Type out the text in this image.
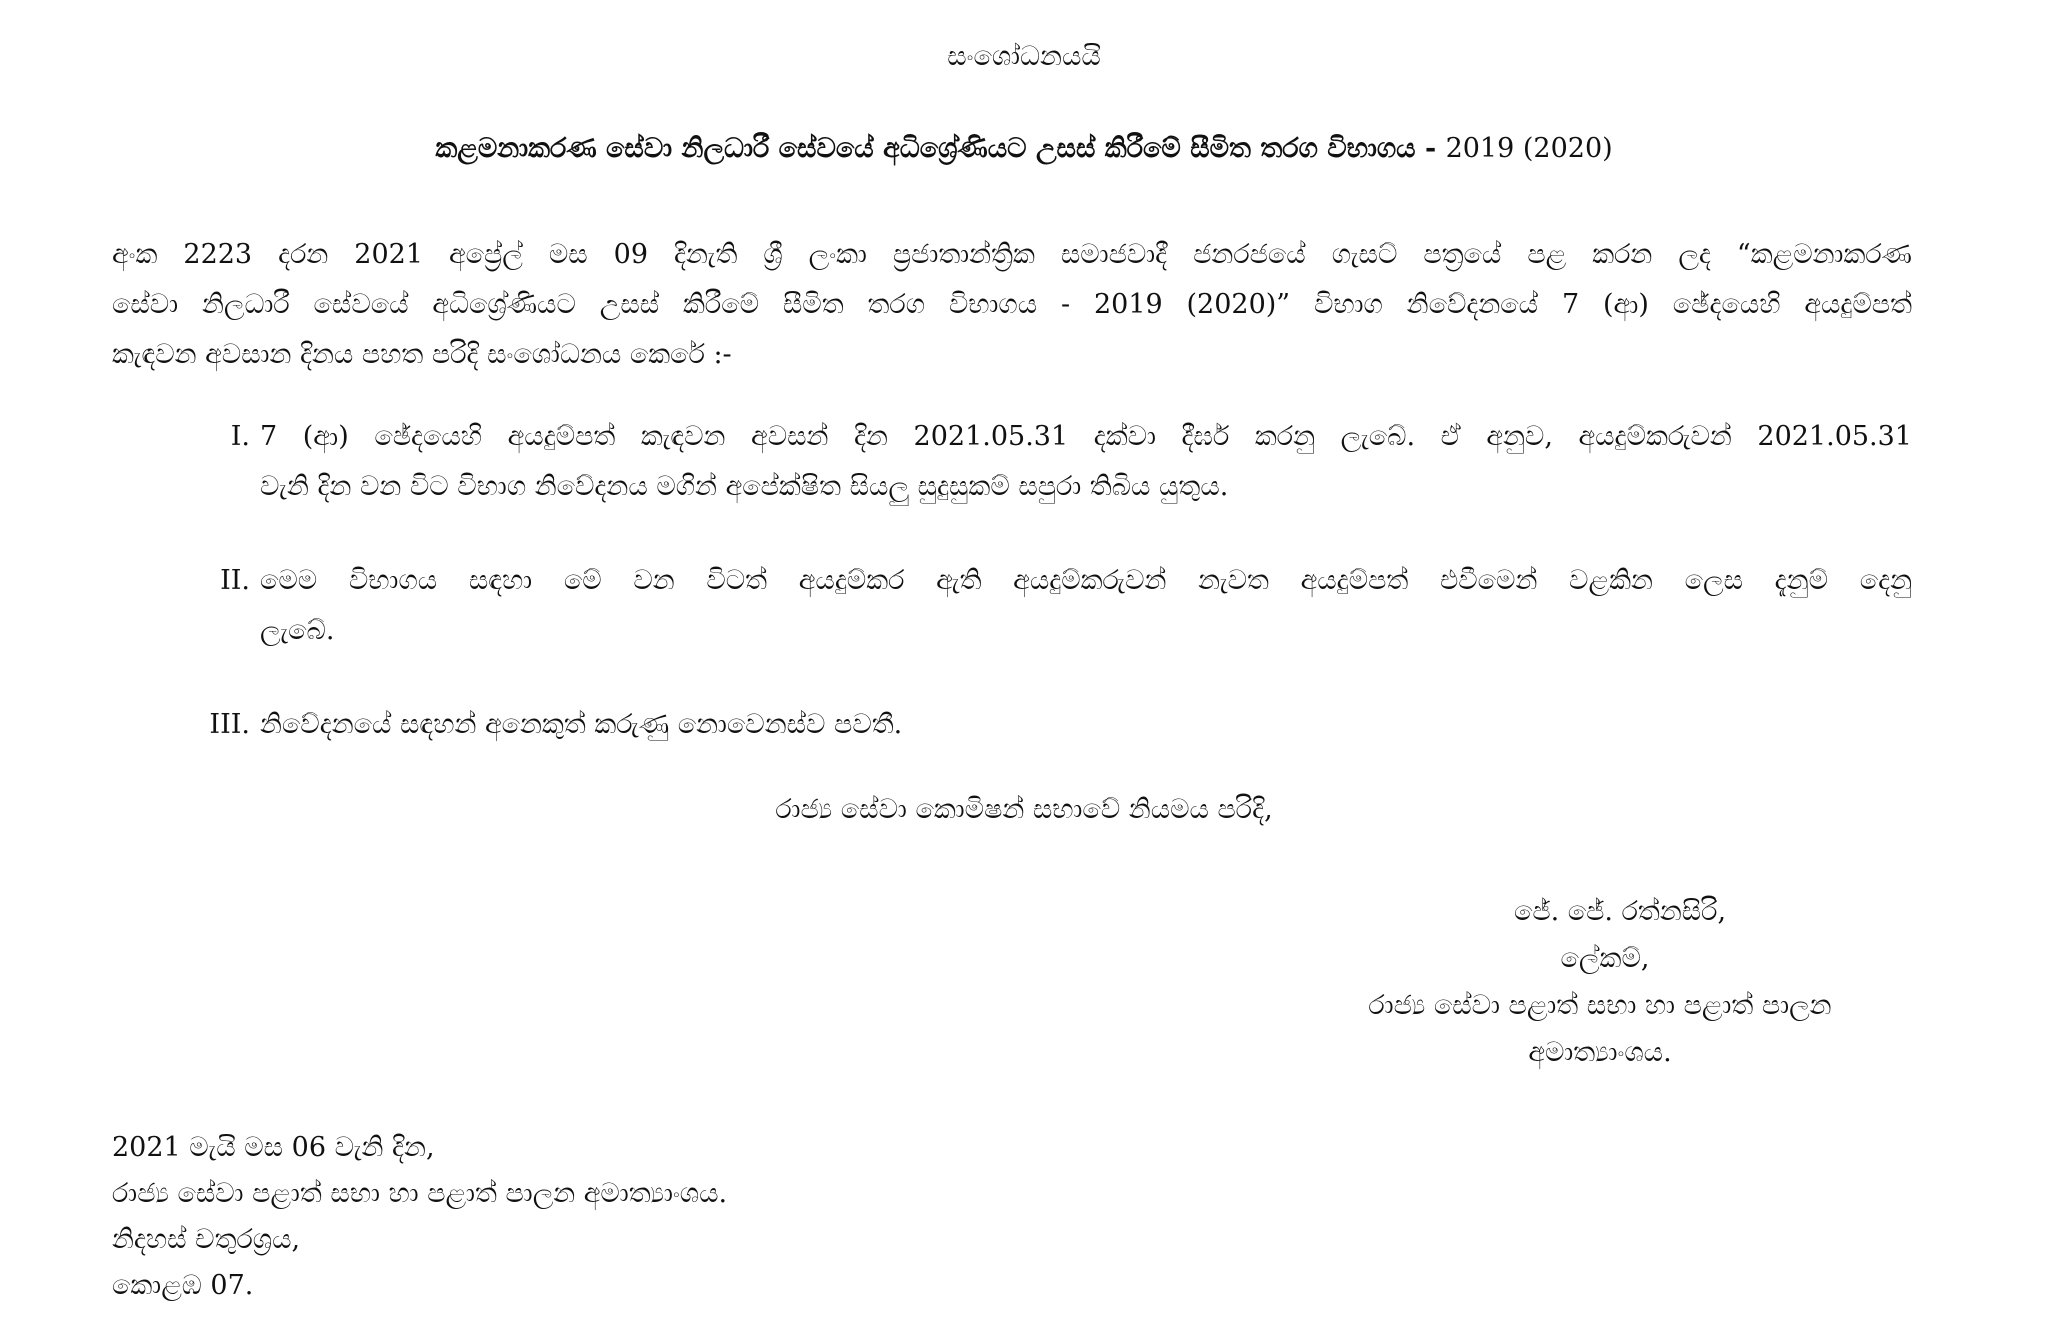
සංශෝධනයයි
කළමනාකරණ සේවා නිලධාරී සේවයේ අධිශ්‍රේණියට උසස් කිරීමේ සීමිත තරග විභාගය - 2019 (2020)
අංක 2223 දරන 2021 අප්‍රේල් මස 09 දිනැති ශ්‍රී ලංකා ප්‍රජාතාන්ත්‍රික සමාජවාදී ජනරජයේ ගැසට් පත්‍රයේ පළ කරන ලද “කළමනාකරණ
සේවා නිලධාරී සේවයේ අධිශ්‍රේණියට උසස් කිරීමේ සීමිත තරග විභාගය - 2019 (2020)” විභාග නිවේදනයේ 7 (ආ) ඡේදයෙහි අයදුම්පත්
කැඳවන අවසාන දිනය පහත පරිදි සංශෝධනය කෙරේ :-
I. 7 (ආ) ඡේදයෙහි අයදුම්පත් කැඳවන අවසන් දින 2021.05.31 දක්වා දීර්ඝ කරනු ලැබේ. ඒ අනුව, අයදුම්කරුවන් 2021.05.31
වැනි දින වන විට විභාග නිවේදනය මගින් අපේක්ෂිත සියලු සුදුසුකම් සපුරා තිබිය යුතුය.
II. මෙම විභාගය සඳහා මේ වන විටත් අයදුම්කර ඇති අයදුම්කරුවන් නැවත අයදුම්පත් එවීමෙන් වළකින ලෙස දැනුම් දෙනු
ලැබේ.
III. නිවේදනයේ සඳහන් අනෙකුත් කරුණු නොවෙනස්ව පවතී.
රාජ්‍ය සේවා කොමිෂන් සභාවේ නියමය පරිදි,
ජේ. ජේ. රත්නසිරි,
ලේකම්,
රාජ්‍ය සේවා පළාත් සභා හා පළාත් පාලන
අමාත්‍යාංශය.
2021 මැයි මස 06 වැනි දින,
රාජ්‍ය සේවා පළාත් සභා හා පළාත් පාලන අමාත්‍යාංශය.
නිදහස් චතුරශ්‍රය,
කොළඹ 07.
